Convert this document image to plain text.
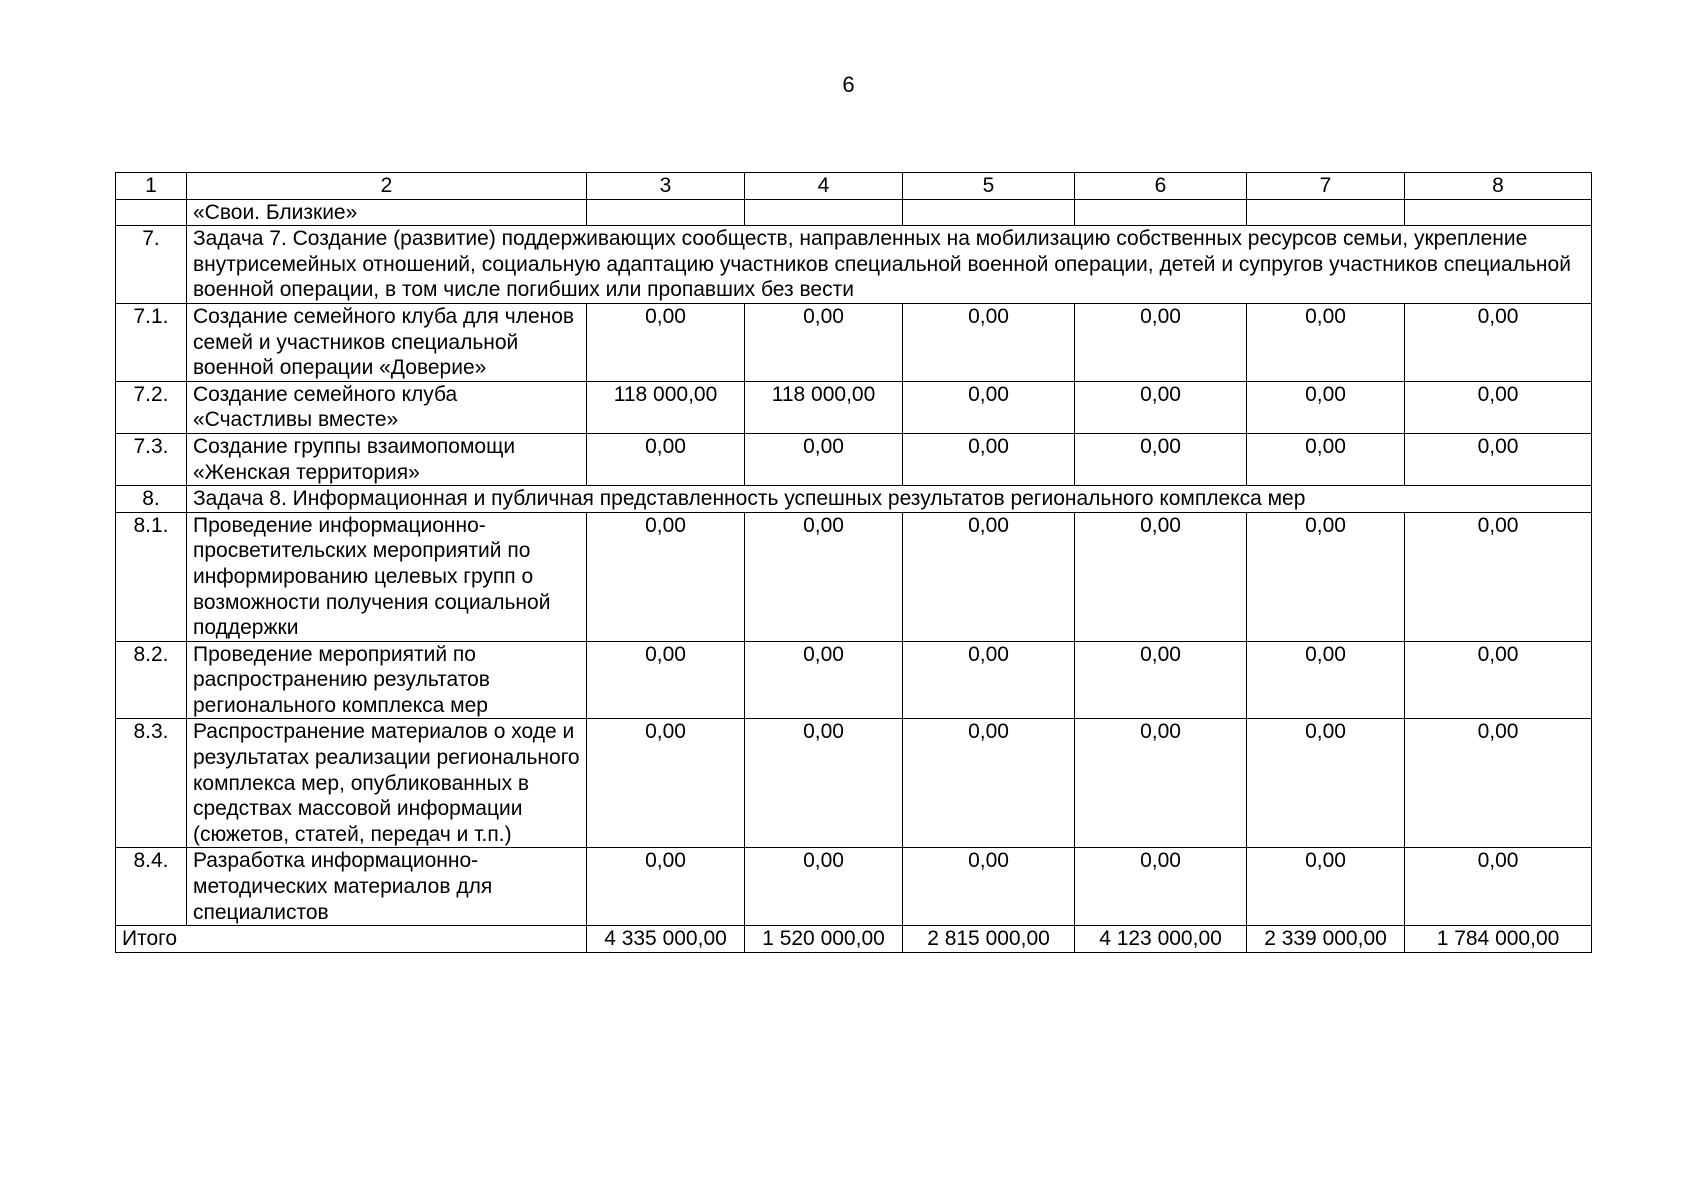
6
1	2	3	4	5	6	7	8
	«Свои. Близкие»						
7.	Задача 7. Создание (развитие) поддерживающих сообществ, направленных на мобилизацию собственных ресурсов семьи, укрепление внутрисемейных отношений, социальную адаптацию участников специальной военной операции, детей и супругов участников специальной военной операции, в том числе погибших или пропавших без вести						
7.1.	Создание семейного клуба для членов семей и участников специальной военной операции «Доверие»	0,00	0,00	0,00	0,00	0,00	0,00
7.2.	Создание семейного клуба «Счастливы вместе»	118 000,00	118 000,00	0,00	0,00	0,00	0,00
7.3.	Создание группы взаимопомощи «Женская территория»	0,00	0,00	0,00	0,00	0,00	0,00
8.	Задача 8. Информационная и публичная представленность успешных результатов регионального комплекса мер						
8.1.	Проведение информационно-просветительских мероприятий по информированию целевых групп о возможности получения социальной поддержки	0,00	0,00	0,00	0,00	0,00	0,00
8.2.	Проведение мероприятий по распространению результатов регионального комплекса мер	0,00	0,00	0,00	0,00	0,00	0,00
8.3.	Распространение материалов о ходе и результатах реализации регионального комплекса мер, опубликованных в средствах массовой информации (сюжетов, статей, передач и т.п.)	0,00	0,00	0,00	0,00	0,00	0,00
8.4.	Разработка информационно-методических материалов для специалистов	0,00	0,00	0,00	0,00	0,00	0,00
Итого		4 335 000,00	1 520 000,00	2 815 000,00	4 123 000,00	2 339 000,00	1 784 000,00
